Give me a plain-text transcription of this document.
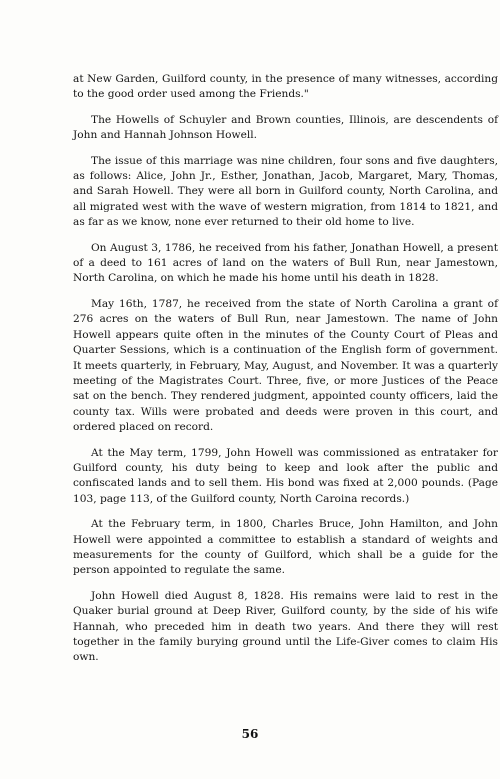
at New Garden, Guilford county, in the presence of many witnesses, according to the good order used among the Friends."

The Howells of Schuyler and Brown counties, Illinois, are descendents of John and Hannah Johnson Howell.

The issue of this marriage was nine children, four sons and five daughters, as follows: Alice, John Jr., Esther, Jonathan, Jacob, Margaret, Mary, Thomas, and Sarah Howell. They were all born in Guilford county, North Carolina, and all migrated west with the wave of western migration, from 1814 to 1821, and as far as we know, none ever returned to their old home to live.

On August 3, 1786, he received from his father, Jonathan Howell, a present of a deed to 161 acres of land on the waters of Bull Run, near Jamestown, North Carolina, on which he made his home until his death in 1828.

May 16th, 1787, he received from the state of North Carolina a grant of 276 acres on the waters of Bull Run, near Jamestown. The name of John Howell appears quite often in the minutes of the County Court of Pleas and Quarter Sessions, which is a continuation of the English form of government. It meets quarterly, in February, May, August, and November. It was a quarterly meeting of the Magistrates Court. Three, five, or more Justices of the Peace sat on the bench. They rendered judgment, appointed county officers, laid the county tax. Wills were probated and deeds were proven in this court, and ordered placed on record.

At the May term, 1799, John Howell was commissioned as entrataker for Guilford county, his duty being to keep and look after the public and confiscated lands and to sell them. His bond was fixed at 2,000 pounds. (Page 103, page 113, of the Guilford county, North Caroina records.)

At the February term, in 1800, Charles Bruce, John Hamilton, and John Howell were appointed a committee to establish a standard of weights and measurements for the county of Guilford, which shall be a guide for the person appointed to regulate the same.

John Howell died August 8, 1828. His remains were laid to rest in the Quaker burial ground at Deep River, Guilford county, by the side of his wife Hannah, who preceded him in death two years. And there they will rest together in the family burying ground until the Life-Giver comes to claim His own.

56
